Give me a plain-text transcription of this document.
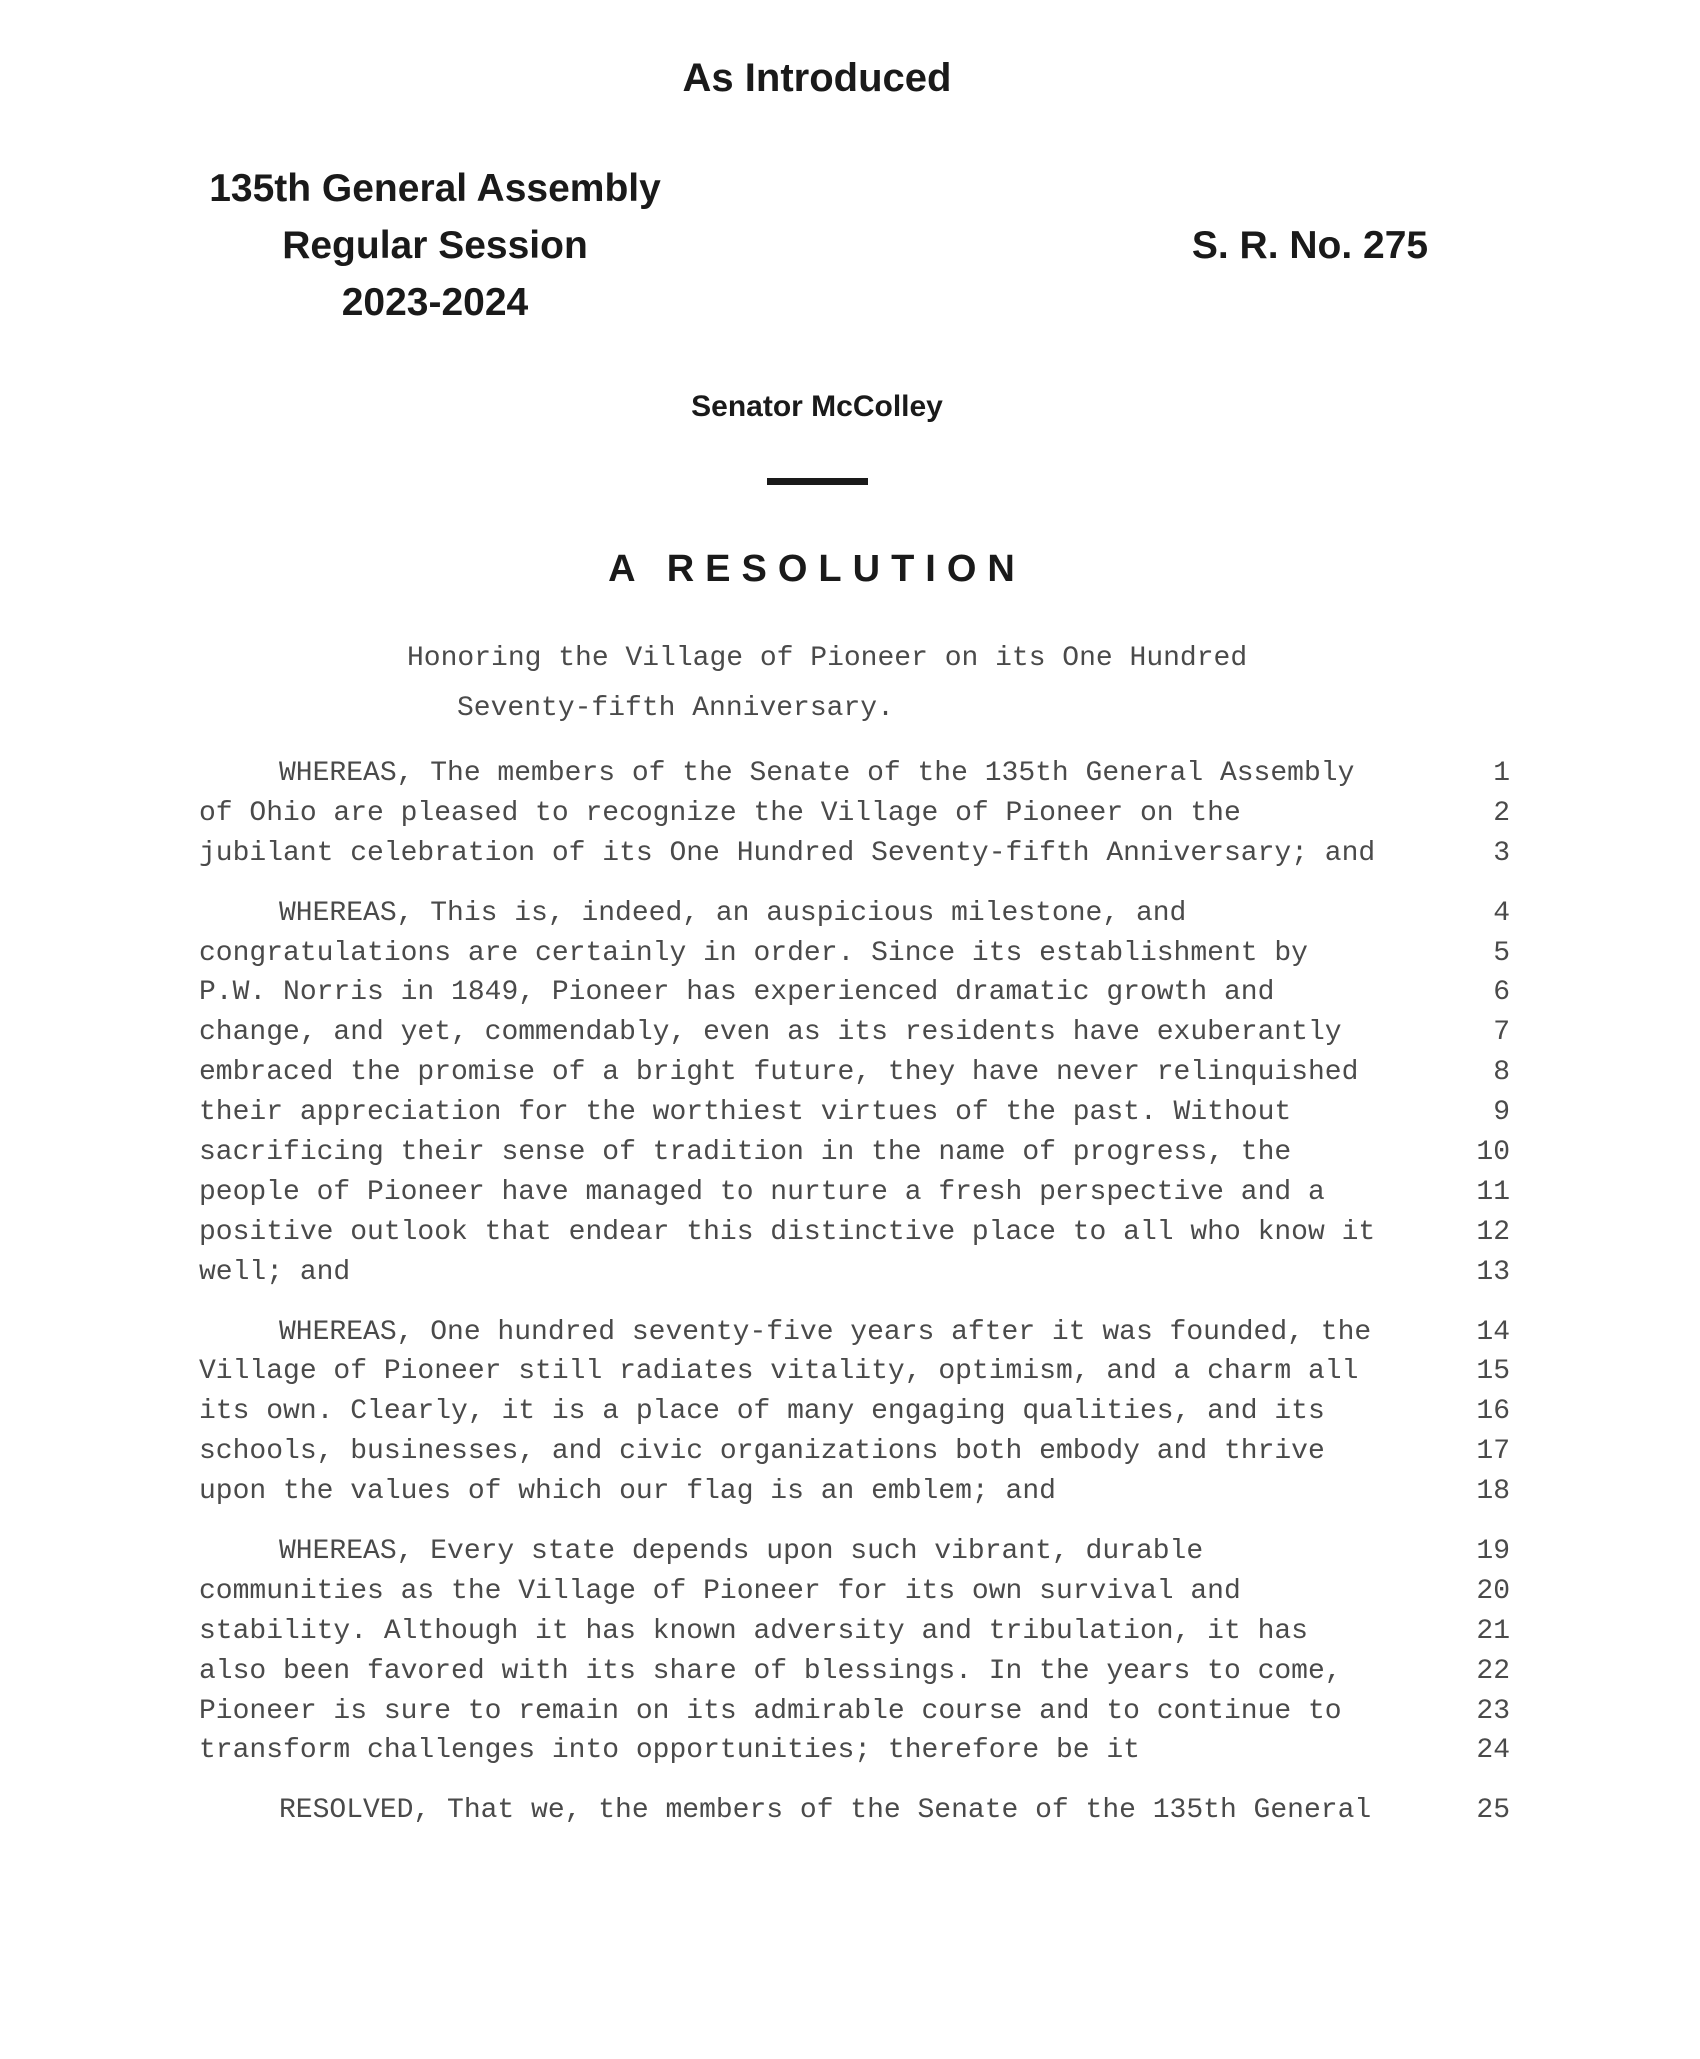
As Introduced
135th General Assembly
Regular Session
2023-2024
S. R. No. 275
Senator McColley
A RESOLUTION
Honoring the Village of Pioneer on its One Hundred
Seventy-fifth Anniversary.
WHEREAS, The members of the Senate of the 135th General Assembly	1
of Ohio are pleased to recognize the Village of Pioneer on the	2
jubilant celebration of its One Hundred Seventy-fifth Anniversary; and	3
WHEREAS, This is, indeed, an auspicious milestone, and	4
congratulations are certainly in order. Since its establishment by	5
P.W. Norris in 1849, Pioneer has experienced dramatic growth and	6
change, and yet, commendably, even as its residents have exuberantly	7
embraced the promise of a bright future, they have never relinquished	8
their appreciation for the worthiest virtues of the past. Without	9
sacrificing their sense of tradition in the name of progress, the	10
people of Pioneer have managed to nurture a fresh perspective and a	11
positive outlook that endear this distinctive place to all who know it	12
well; and	13
WHEREAS, One hundred seventy-five years after it was founded, the	14
Village of Pioneer still radiates vitality, optimism, and a charm all	15
its own. Clearly, it is a place of many engaging qualities, and its	16
schools, businesses, and civic organizations both embody and thrive	17
upon the values of which our flag is an emblem; and	18
WHEREAS, Every state depends upon such vibrant, durable	19
communities as the Village of Pioneer for its own survival and	20
stability. Although it has known adversity and tribulation, it has	21
also been favored with its share of blessings. In the years to come,	22
Pioneer is sure to remain on its admirable course and to continue to	23
transform challenges into opportunities; therefore be it	24
RESOLVED, That we, the members of the Senate of the 135th General	25
